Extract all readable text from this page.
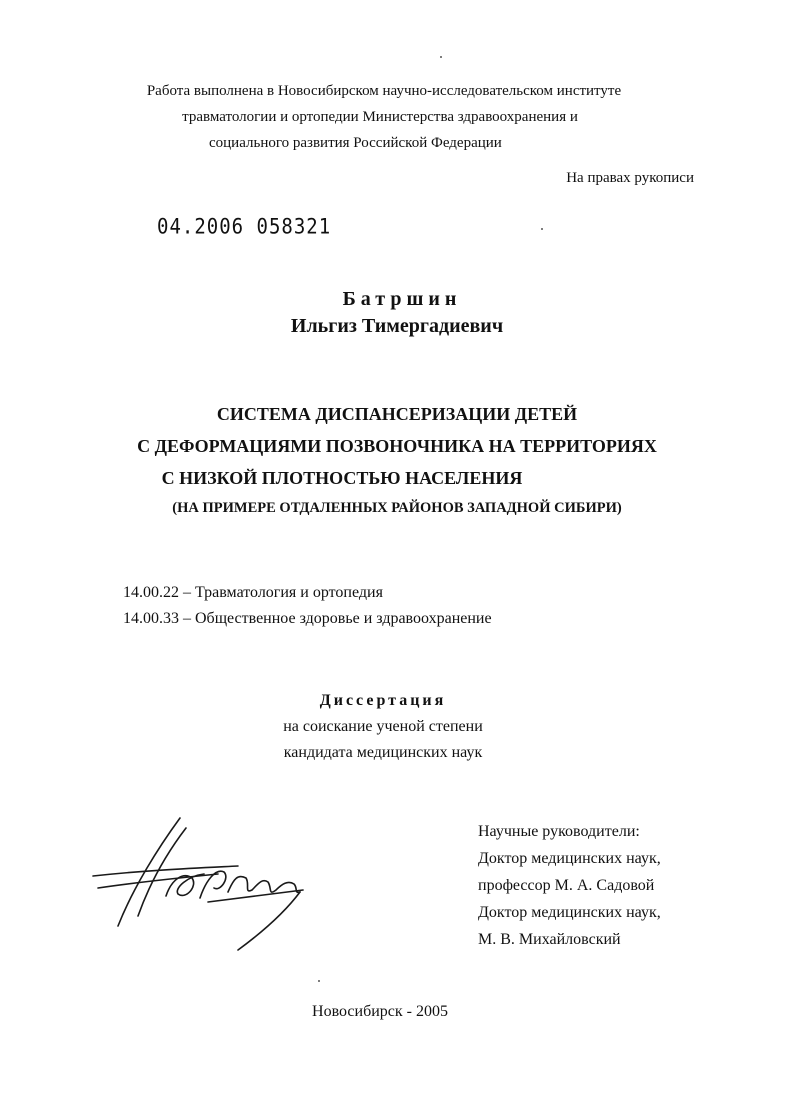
Работа выполнена в Новосибирском научно-исследовательском институте
травматологии и ортопедии Министерства здравоохранения и
социального развития Российской Федерации
На правах рукописи
04.2006 058321
Батршин
Ильгиз Тимергадиевич
СИСТЕМА ДИСПАНСЕРИЗАЦИИ ДЕТЕЙ
С ДЕФОРМАЦИЯМИ ПОЗВОНОЧНИКА НА ТЕРРИТОРИЯХ
С НИЗКОЙ ПЛОТНОСТЬЮ НАСЕЛЕНИЯ
(НА ПРИМЕРЕ ОТДАЛЕННЫХ РАЙОНОВ ЗАПАДНОЙ СИБИРИ)
14.00.22 – Травматология и ортопедия
14.00.33 – Общественное здоровье и здравоохранение
Диссертация
на соискание ученой степени
кандидата медицинских наук
Научные руководители:
Доктор медицинских наук,
профессор М. А. Садовой
Доктор медицинских наук,
М. В. Михайловский
Новосибирск - 2005
